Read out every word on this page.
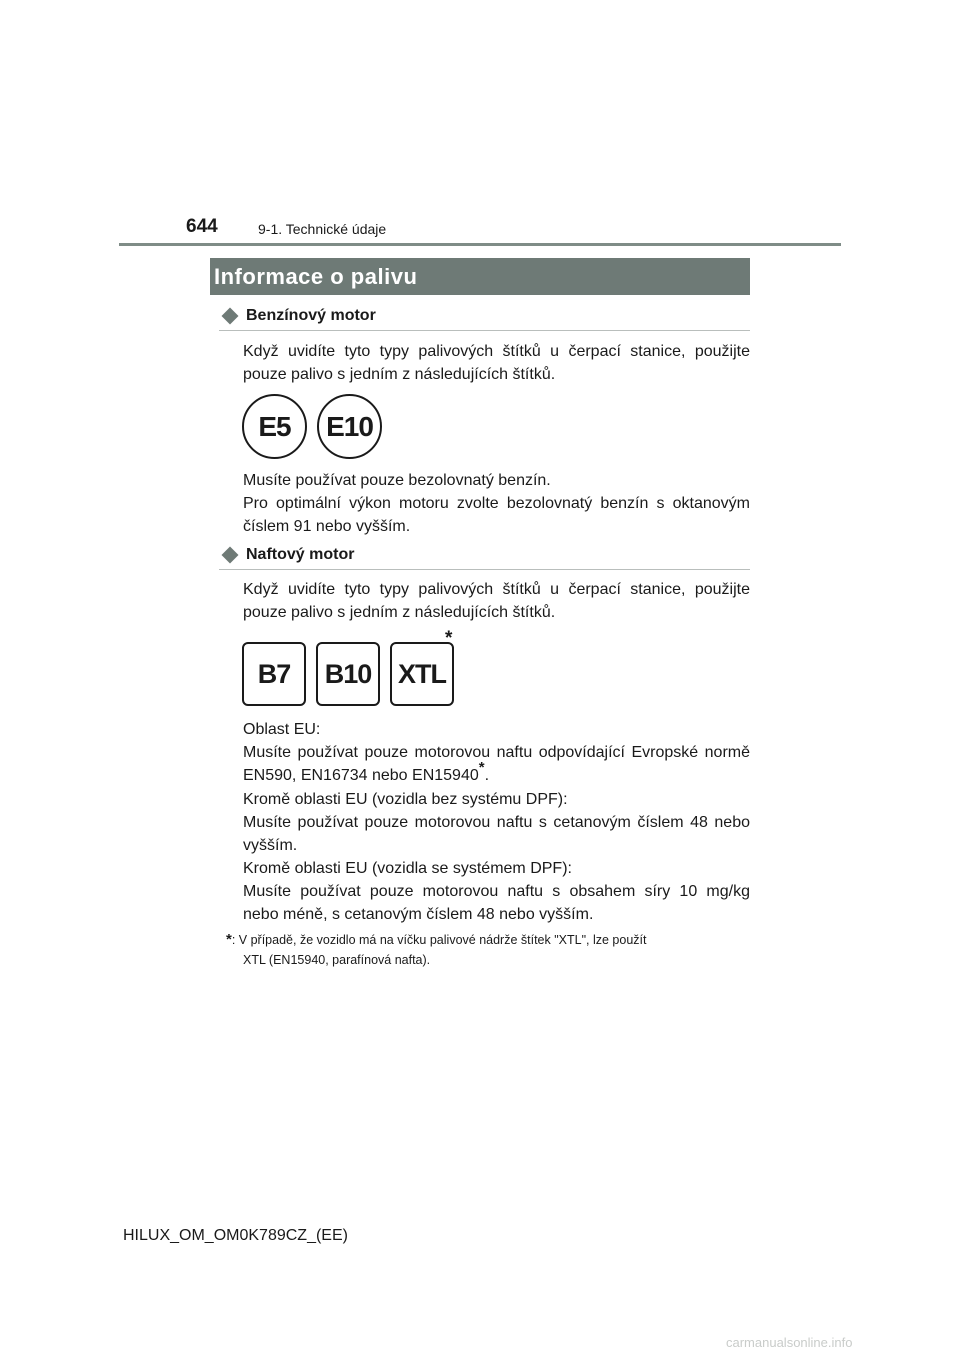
644	9-1. Technické údaje
Informace o palivu
Benzínový motor

Když uvidíte tyto typy palivových štítků u čerpací stanice, použijte

pouze palivo s jedním z následujících štítků.

E5	E10

Musíte používat pouze bezolovnatý benzín.

Pro optimální výkon motoru zvolte bezolovnatý benzín s oktanovým

číslem 91 nebo vyšším.

Naftový motor

Když uvidíte tyto typy palivových štítků u čerpací stanice, použijte

pouze palivo s jedním z následujících štítků.

B7	B10 XTL
*

Oblast EU:

Musíte používat pouze motorovou naftu odpovídající Evropské normě

EN590, EN16734 nebo EN15940*.

Kromě oblasti EU (vozidla bez systému DPF):

Musíte používat pouze motorovou naftu s cetanovým číslem 48 nebo

vyšším.

Kromě oblasti EU (vozidla se systémem DPF):

Musíte používat pouze motorovou naftu s obsahem síry 10 mg/kg

nebo méně, s cetanovým číslem 48 nebo vyšším.

*: V případě, že vozidlo má na víčku palivové nádrže štítek "XTL", lze použít
XTL (EN15940, parafínová nafta).
HILUX_OM_OM0K789CZ_(EE)
carmanualsonline.info
